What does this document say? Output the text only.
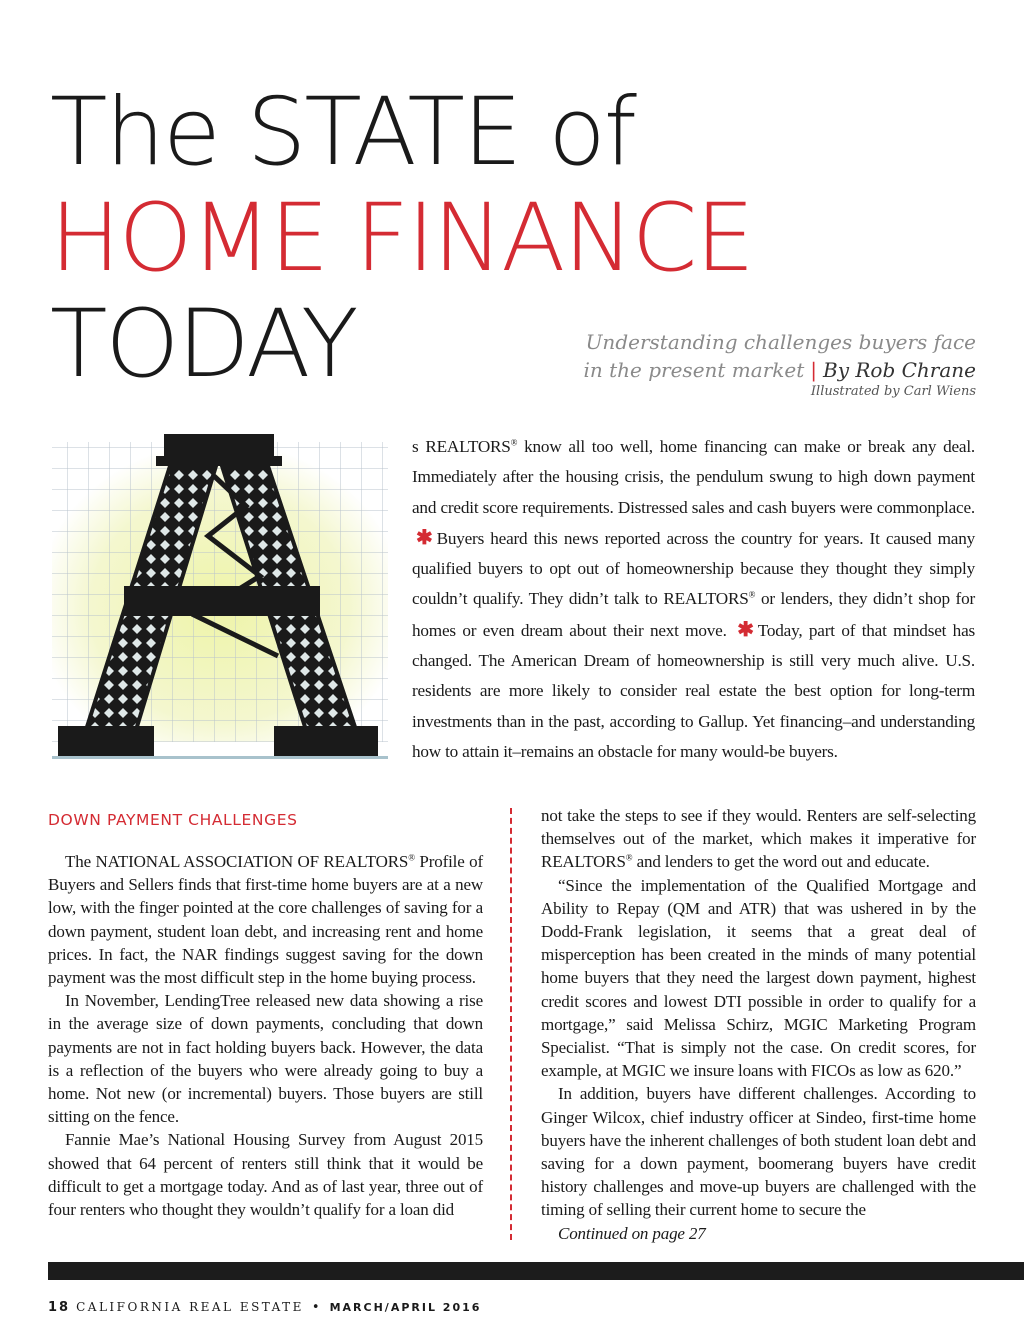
The STATE of
HOME FINANCE
TODAY	Understanding challenges buyers face
in the present market | By Rob Chrane
Illustrated by Carl Wiens

s REALTORS® know all too well, home financing can make or break any deal. Immediately after the housing crisis, the pendulum swung to high down payment and credit score requirements. Distressed sales and cash buyers were commonplace. ✱ Buyers heard this news reported across the country for years. It caused many qualified buyers to opt out of homeownership because they thought they simply couldn’t qualify. They didn’t talk to REALTORS® or lenders, they didn’t shop for homes or even dream about their next move. ✱ Today, part of that mindset has changed. The American Dream of homeownership is still very much alive. U.S. residents are more likely to consider real estate the best option for long-term investments than in the past, according to Gallup. Yet financing–and understanding how to attain it–remains an obstacle for many would-be buyers.

DOWN PAYMENT CHALLENGES

The NATIONAL ASSOCIATION OF REALTORS® Profile of Buyers and Sellers finds that first-time home buyers are at a new low, with the finger pointed at the core challenges of saving for a down payment, student loan debt, and increasing rent and home prices. In fact, the NAR findings suggest saving for the down payment was the most difficult step in the home buying process.

In November, LendingTree released new data showing a rise in the average size of down payments, concluding that down payments are not in fact holding buyers back. However, the data is a reflection of the buyers who were already going to buy a home. Not new (or incremental) buyers. Those buyers are still sitting on the fence.

Fannie Mae’s National Housing Survey from August 2015 showed that 64 percent of renters still think that it would be difficult to get a mortgage today. And as of last year, three out of four renters who thought they wouldn’t qualify for a loan did

not take the steps to see if they would. Renters are self-selecting themselves out of the market, which makes it imperative for REALTORS® and lenders to get the word out and educate.

“Since the implementation of the Qualified Mortgage and Ability to Repay (QM and ATR) that was ushered in by the Dodd-Frank legislation, it seems that a great deal of misperception has been created in the minds of many potential home buyers that they need the largest down payment, highest credit scores and lowest DTI possible in order to qualify for a mortgage,” said Melissa Schirz, MGIC Marketing Program Specialist. “That is simply not the case. On credit scores, for example, at MGIC we insure loans with FICOs as low as 620.”

In addition, buyers have different challenges. According to Ginger Wilcox, chief industry officer at Sindeo, first-time home buyers have the inherent challenges of both student loan debt and saving for a down payment, boomerang buyers have credit history challenges and move-up buyers are challenged with the timing of selling their current home to secure the

Continued on page 27

18 CALIFORNIA REAL ESTATE • MARCH/APRIL 2016
